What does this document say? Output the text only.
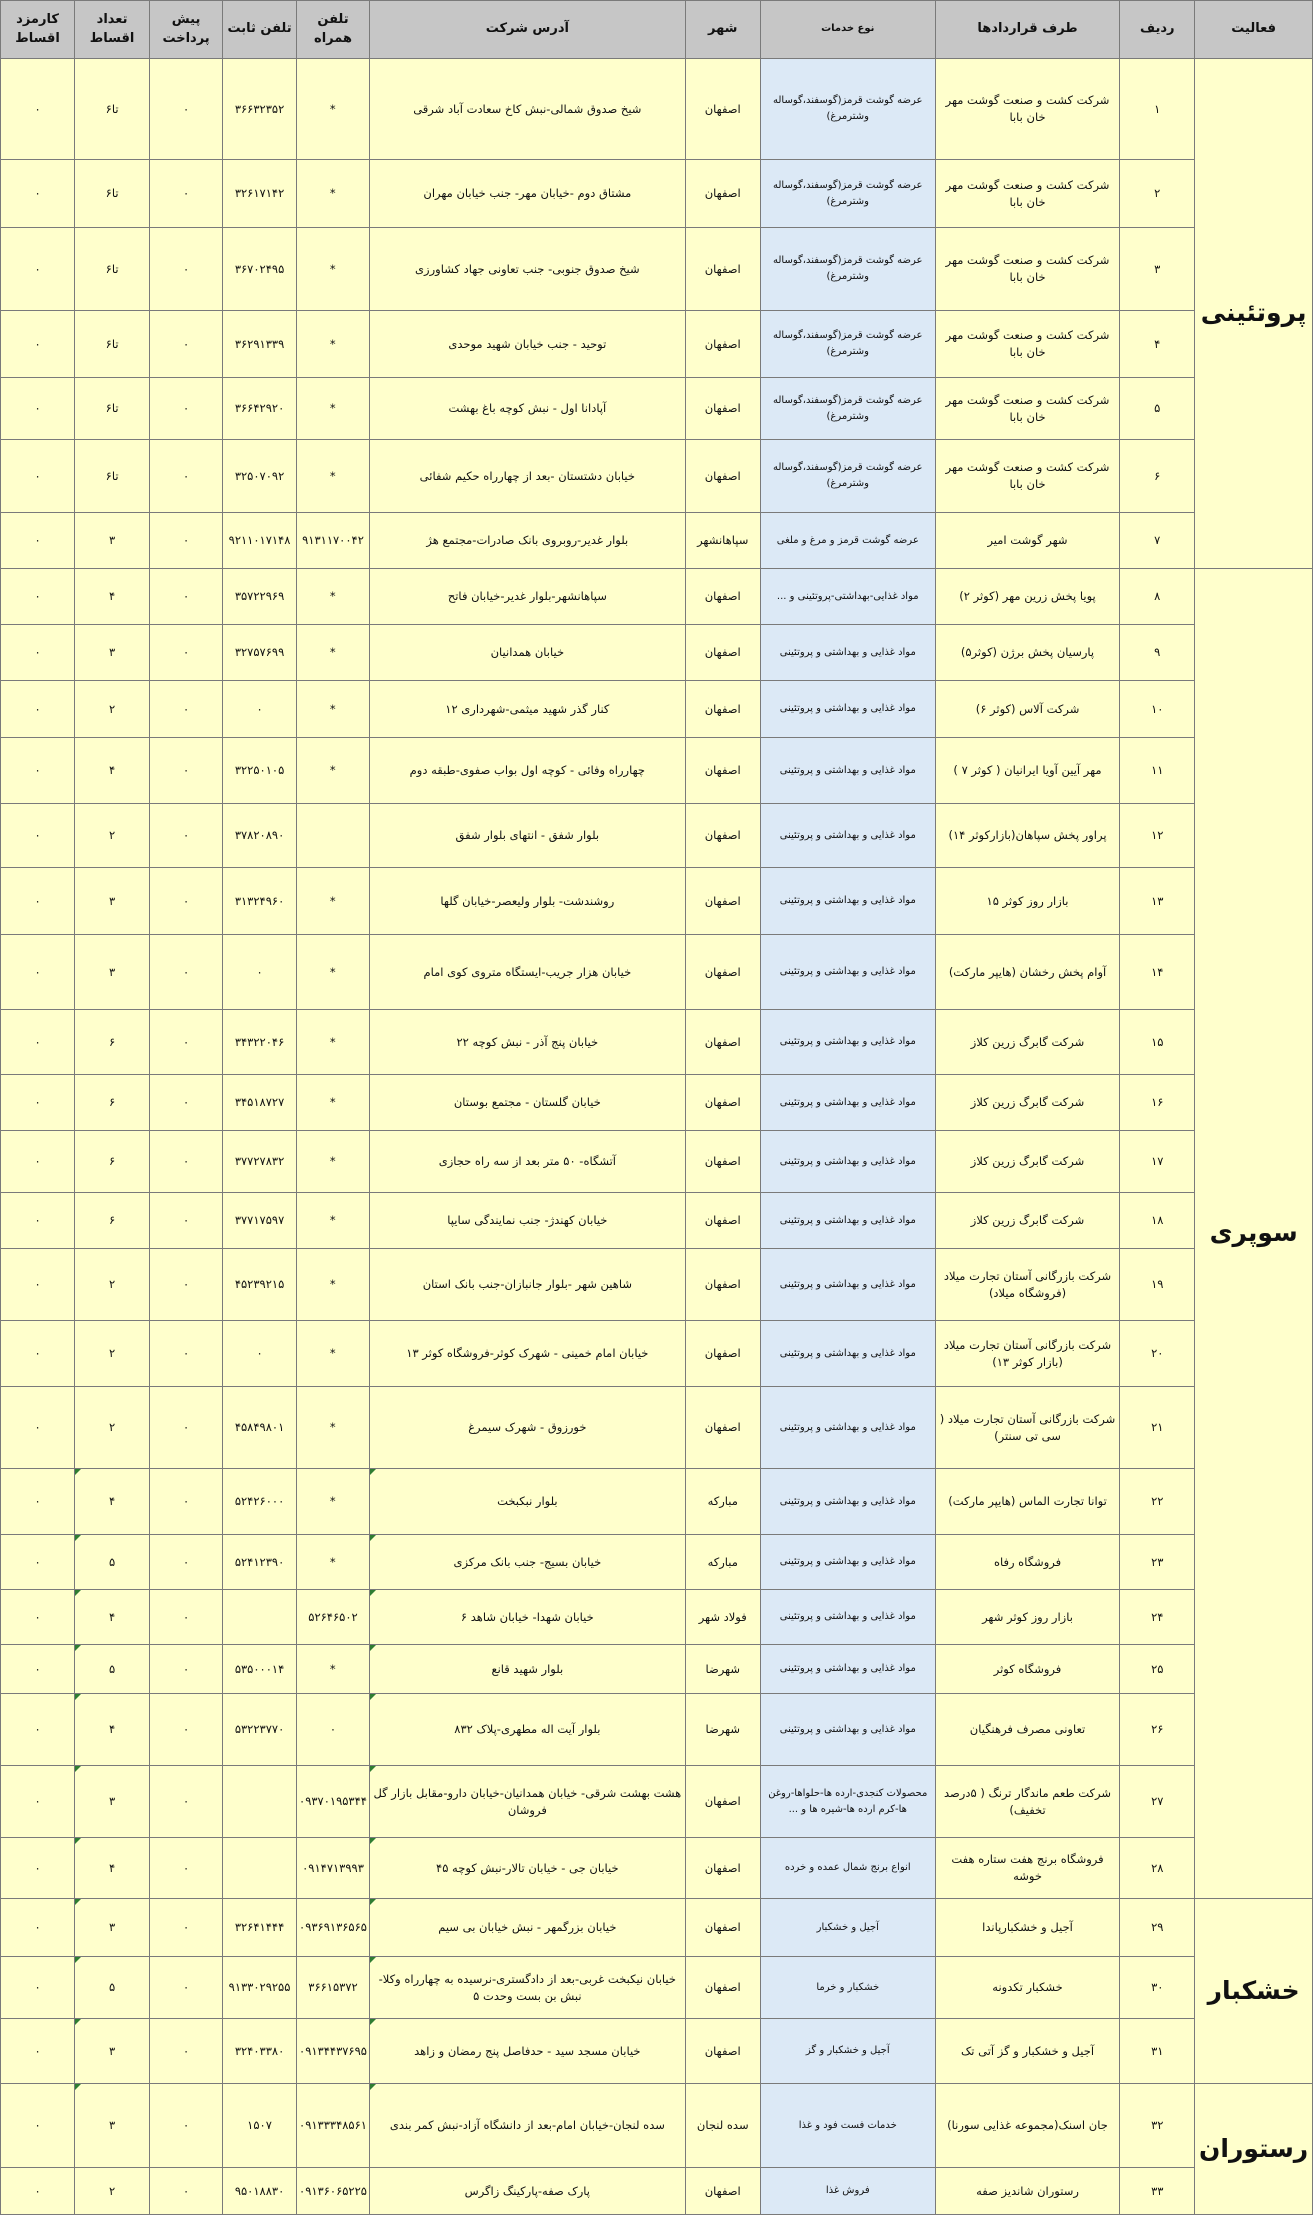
فعالیت	ردیف	طرف قراردادها	نوع خدمات	شهر	آدرس شرکت	تلفن همراه	تلفن ثابت	پیش پرداخت	تعداد اقساط	کارمزد اقساط
پروتئینی	۱	شرکت کشت و صنعت گوشت مهر خان بابا	عرضه گوشت قرمز(گوسفند،گوساله وشترمرغ)	اصفهان	شیخ صدوق شمالی-نبش کاخ سعادت آباد شرقی	*	۳۶۶۳۲۳۵۲	۰	تا۶	۰
	۲	شرکت کشت و صنعت گوشت مهر خان بابا	عرضه گوشت قرمز(گوسفند،گوساله وشترمرغ)	اصفهان	مشتاق دوم -خیابان مهر- جنب خیابان مهران	*	۳۲۶۱۷۱۴۲	۰	تا۶	۰
	۳	شرکت کشت و صنعت گوشت مهر خان بابا	عرضه گوشت قرمز(گوسفند،گوساله وشترمرغ)	اصفهان	شیخ صدوق جنوبی- جنب تعاونی جهاد کشاورزی	*	۳۶۷۰۲۴۹۵	۰	تا۶	۰
	۴	شرکت کشت و صنعت گوشت مهر خان بابا	عرضه گوشت قرمز(گوسفند،گوساله وشترمرغ)	اصفهان	توحید - جنب خیابان شهید موحدی	*	۳۶۲۹۱۳۳۹	۰	تا۶	۰
	۵	شرکت کشت و صنعت گوشت مهر خان بابا	عرضه گوشت قرمز(گوسفند،گوساله وشترمرغ)	اصفهان	آپادانا اول - نبش کوچه باغ بهشت	*	۳۶۶۴۲۹۲۰	۰	تا۶	۰
	۶	شرکت کشت و صنعت گوشت مهر خان بابا	عرضه گوشت قرمز(گوسفند،گوساله وشترمرغ)	اصفهان	خیابان دشتستان -بعد از چهارراه حکیم شفائی	*	۳۲۵۰۷۰۹۲	۰	تا۶	۰
	۷	شهر گوشت امیر	عرضه گوشت قرمز و مرغ و ملغی	سپاهانشهر	بلوار غدیر-روبروی بانک صادرات-مجتمع هژ	۹۱۳۱۱۷۰۰۴۲	۹۲۱۱۰۱۷۱۴۸	۰	۳	۰
سوپری	۸	پویا پخش زرین مهر (کوثر ۲)	مواد غذایی-بهداشتی-پروتئینی و ...	اصفهان	سپاهانشهر-بلوار غدیر-خیابان فاتح	*	۳۵۷۲۲۹۶۹	۰	۴	۰
	۹	پارسیان پخش برژن (کوثر۵)	مواد غذایی و بهداشتی و پروتئینی	اصفهان	خیابان همدانیان	*	۳۲۷۵۷۶۹۹	۰	۳	۰
	۱۰	شرکت آلاس (کوثر ۶)	مواد غذایی و بهداشتی و پروتئینی	اصفهان	کنار گذر شهید میثمی-شهرداری ۱۲	*	۰	۰	۲	۰
	۱۱	مهر آیین آویا ایرانیان ( کوثر ۷ )	مواد غذایی و بهداشتی و پروتئینی	اصفهان	چهارراه وفائی - کوچه اول بواب صفوی-طبقه دوم	*	۳۲۲۵۰۱۰۵	۰	۴	۰
	۱۲	پراور پخش سپاهان(بازارکوثر ۱۴)	مواد غذایی و بهداشتی و پروتئینی	اصفهان	بلوار شفق - انتهای بلوار شفق		۳۷۸۲۰۸۹۰	۰	۲	۰
	۱۳	بازار روز کوثر ۱۵	مواد غذایی و بهداشتی و پروتئینی	اصفهان	روشندشت- بلوار ولیعصر-خیابان گلها	*	۳۱۳۲۴۹۶۰	۰	۳	۰
	۱۴	آوام پخش رخشان (هایپر مارکت)	مواد غذایی و بهداشتی و پروتئینی	اصفهان	خیابان هزار جریب-ایستگاه متروی کوی امام	*	۰	۰	۳	۰
	۱۵	شرکت گابرگ زرین کلاز	مواد غذایی و بهداشتی و پروتئینی	اصفهان	خیابان پنج آذر - نبش کوچه ۲۲	*	۳۴۳۲۲۰۴۶	۰	۶	۰
	۱۶	شرکت گابرگ زرین کلاز	مواد غذایی و بهداشتی و پروتئینی	اصفهان	خیابان گلستان - مجتمع بوستان	*	۳۴۵۱۸۷۲۷	۰	۶	۰
	۱۷	شرکت گابرگ زرین کلاز	مواد غذایی و بهداشتی و پروتئینی	اصفهان	آتشگاه- ۵۰ متر بعد از سه راه حجازی	*	۳۷۷۲۷۸۳۲	۰	۶	۰
	۱۸	شرکت گابرگ زرین کلاز	مواد غذایی و بهداشتی و پروتئینی	اصفهان	خیابان کهندژ- جنب نمایندگی سایپا	*	۳۷۷۱۷۵۹۷	۰	۶	۰
	۱۹	شرکت بازرگانی آستان تجارت میلاد (فروشگاه میلاد)	مواد غذایی و بهداشتی و پروتئینی	اصفهان	شاهین شهر -بلوار جانبازان-جنب بانک استان	*	۴۵۲۳۹۲۱۵	۰	۲	۰
	۲۰	شرکت بازرگانی آستان تجارت میلاد (بازار کوثر ۱۳)	مواد غذایی و بهداشتی و پروتئینی	اصفهان	خیابان امام خمینی - شهرک کوثر-فروشگاه کوثر ۱۳	*	۰	۰	۲	۰
	۲۱	شرکت بازرگانی آستان تجارت میلاد ( سی تی سنتر)	مواد غذایی و بهداشتی و پروتئینی	اصفهان	خورزوق - شهرک سیمرغ	*	۴۵۸۴۹۸۰۱	۰	۲	۰
	۲۲	توانا تجارت الماس (هایپر مارکت)	مواد غذایی و بهداشتی و پروتئینی	مبارکه	بلوار نبکبخت	*	۵۲۴۲۶۰۰۰	۰	۴	۰
	۲۳	فروشگاه رفاه	مواد غذایی و بهداشتی و پروتئینی	مبارکه	خیابان بسیج- جنب بانک مرکزی	*	۵۲۴۱۲۳۹۰	۰	۵	۰
	۲۴	بازار روز کوثر شهر	مواد غذایی و بهداشتی و پروتئینی	فولاد شهر	خیابان شهدا- خیابان شاهد ۶	۵۲۶۴۶۵۰۲		۰	۴	۰
	۲۵	فروشگاه کوثر	مواد غذایی و بهداشتی و پروتئینی	شهرضا	بلوار شهید قانع	*	۵۳۵۰۰۰۱۴	۰	۵	۰
	۲۶	تعاونی مصرف فرهنگیان	مواد غذایی و بهداشتی و پروتئینی	شهرضا	بلوار آیت اله مطهری-پلاک ۸۳۲	۰	۵۳۲۲۳۷۷۰	۰	۴	۰
	۲۷	شرکت طعم ماندگار ترنگ ( ۵درصد تخفیف)	محصولات کنجدی-ارده ها-حلواها-روغن ها-کرم ارده ها-شیره ها و ...	اصفهان	هشت بهشت شرقی- خیابان همدانیان-خیابان دارو-مقابل بازار گل فروشان	۰۹۳۷۰۱۹۵۳۴۴		۰	۳	۰
	۲۸	فروشگاه برنج هفت ستاره هفت خوشه	انواع برنج شمال عمده و خرده	اصفهان	خیابان جی - خیابان تالار-نبش کوچه ۴۵	۰۹۱۴۷۱۳۹۹۳		۰	۴	۰
خشکبار	۲۹	آجیل و خشکبارپاندا	آجیل و خشکبار	اصفهان	خیابان بزرگمهر - نبش خیابان بی سیم	۰۹۳۶۹۱۳۶۵۶۵	۳۲۶۴۱۴۴۴	۰	۳	۰
	۳۰	خشکبار تکدونه	خشکبار و خرما	اصفهان	خیابان نیکبخت غربی-بعد از دادگستری-نرسیده به چهارراه وکلا-نبش بن بست وحدت ۵	۳۶۶۱۵۳۷۲	۹۱۳۳۰۲۹۲۵۵	۰	۵	۰
	۳۱	آجیل و خشکبار و گز آتی تک	آجیل و خشکبار و گز	اصفهان	خیابان مسجد سید - حدفاصل پنج رمضان و زاهد	۰۹۱۳۴۴۳۷۶۹۵	۳۲۴۰۳۳۸۰	۰	۳	۰
رستوران	۳۲	جان اسنک(مجموعه غذایی سورنا)	خدمات فست فود و غذا	سده لنجان	سده لنجان-خیابان امام-بعد از دانشگاه آزاد-نبش کمر بندی	۰۹۱۳۳۳۴۸۵۶۱	۱۵۰۷	۰	۳	۰
	۳۳	رستوران شاندیز صفه	فروش غذا	اصفهان	پارک صفه-پارکینگ زاگرس	۰۹۱۳۶۰۶۵۲۲۵	۹۵۰۱۸۸۳۰	۰	۲	۰
